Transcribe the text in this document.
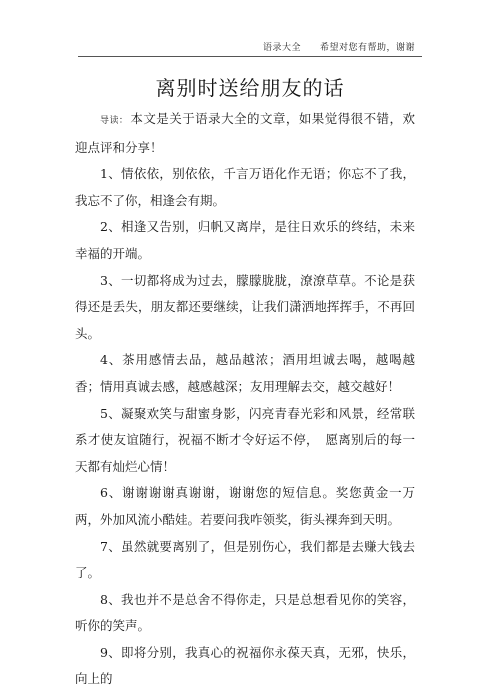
语录大全　　希望对您有帮助，谢谢
离别时送给朋友的话

导读： 本文是关于语录大全的文章，如果觉得很不错，欢迎点评和分享！

1、情依依，别依依，千言万语化作无语；你忘不了我，我忘不了你，相逢会有期。

2、相逢又告别，归帆又离岸，是往日欢乐的终结，未来幸福的开端。

3、一切都将成为过去，朦朦胧胧，潦潦草草。不论是获得还是丢失，朋友都还要继续，让我们潇洒地挥挥手，不再回头。

4、茶用感情去品，越品越浓；酒用坦诚去喝，越喝越香；情用真诚去感，越感越深；友用理解去交，越交越好！

5、凝聚欢笑与甜蜜身影，闪亮青春光彩和风景，经常联系才使友谊随行，祝福不断才令好运不停，　愿离别后的每一天都有灿烂心情！

6、谢谢谢谢真谢谢，谢谢您的短信息。奖您黄金一万两，外加风流小酷娃。若要问我咋领奖，街头裸奔到天明。

7、虽然就要离别了，但是别伤心，我们都是去赚大钱去了。

8、我也并不是总舍不得你走，只是总想看见你的笑容，听你的笑声。

9、即将分别，我真心的祝福你永葆天真，无邪，快乐，向上的
